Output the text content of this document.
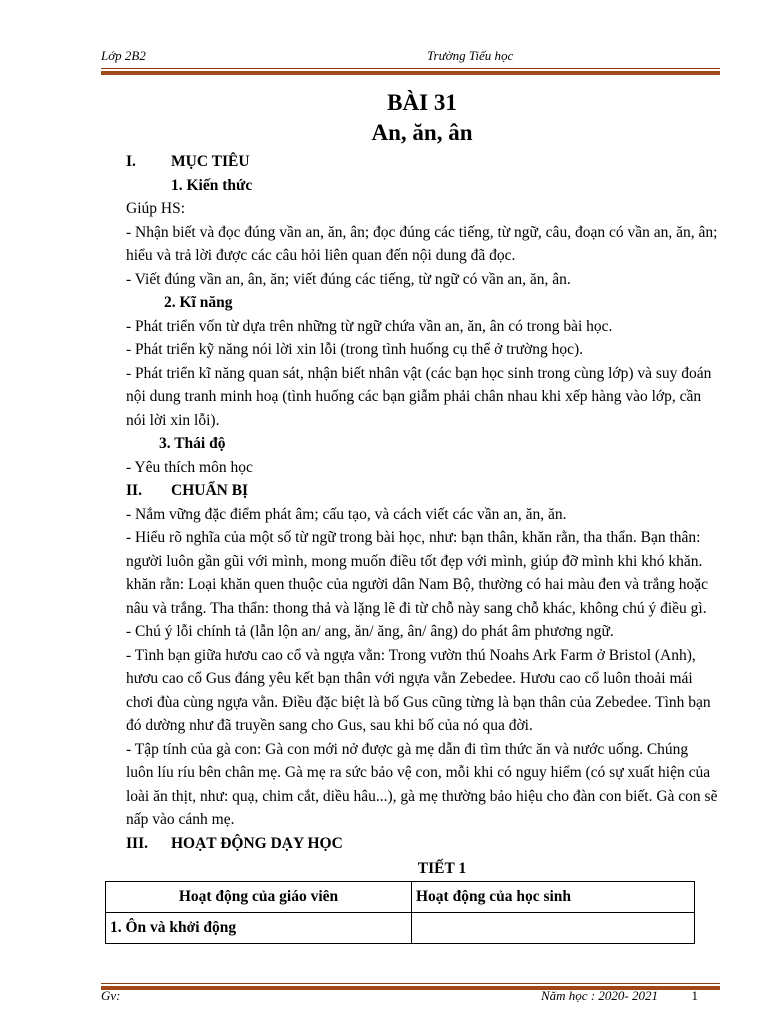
Lớp 2B2	Trường Tiểu học
BÀI 31
An, ăn, ân
I.	MỤC TIÊU
1. Kiến thức

Giúp HS:

- Nhận biết và đọc đúng vần an, ăn, ân; đọc đúng các tiếng, từ ngữ, câu, đoạn có vần an, ăn, ân; hiểu và trả lời được các câu hỏi liên quan đến nội dung đã đọc.

- Viết đúng vần an, ân, ăn; viết đúng các tiếng, từ ngữ có vần an, ăn, ân.

2. Kĩ năng

- Phát triển vốn từ dựa trên những từ ngữ chứa vần an, ăn, ân có trong bài học.

- Phát triển kỹ năng nói lời xin lỗi (trong tình huống cụ thể ở trường học).

- Phát triển kĩ năng quan sát, nhận biết nhân vật (các bạn học sinh trong cùng lớp) và suy đoán nội dung tranh minh hoạ (tình huống các bạn giẫm phải chân nhau khi xếp hàng vào lớp, cần nói lời xin lỗi).

3. Thái độ

- Yêu thích môn học

II.	CHUẨN BỊ

- Nắm vững đặc điểm phát âm; cấu tạo, và cách viết các vần an, ăn, ăn.

- Hiểu rõ nghĩa của một số từ ngữ trong bài học, như: bạn thân, khăn rằn, tha thẩn. Bạn thân: người luôn gần gũi với mình, mong muốn điều tốt đẹp với mình, giúp đỡ mình khi khó khăn. khăn rằn: Loại khăn quen thuộc của người dân Nam Bộ, thường có hai màu đen và trắng hoặc nâu và trắng. Tha thẩn: thong thả và lặng lẽ đi từ chỗ này sang chỗ khác, không chú ý điều gì.

- Chú ý lỗi chính tả (lẫn lộn an/ ang, ăn/ ăng, ân/ âng) do phát âm phương ngữ.

- Tình bạn giữa hươu cao cổ và ngựa vằn: Trong vườn thú Noahs Ark Farm ở Bristol (Anh), hươu cao cổ Gus đáng yêu kết bạn thân với ngựa vằn Zebedee. Hươu cao cổ luôn thoải mái chơi đùa cùng ngựa vằn. Điều đặc biệt là bố Gus cũng từng là bạn thân của Zebedee. Tình bạn đó dường như đã truyền sang cho Gus, sau khi bố của nó qua đời.

- Tập tính của gà con: Gà con mới nở được gà mẹ dẫn đi tìm thức ăn và nước uống. Chúng luôn líu ríu bên chân mẹ. Gà mẹ ra sức bảo vệ con, mỗi khi có nguy hiểm (có sự xuất hiện của loài ăn thịt, như: quạ, chim cắt, diều hâu...), gà mẹ thường bảo hiệu cho đàn con biết. Gà con sẽ nấp vào cánh mẹ.

III.	HOẠT ĐỘNG DẠY HỌC
TIẾT 1
Hoạt động của giáo viên	Hoạt động của học sinh
1. Ôn và khởi động	
Gv:	1
Năm học : 2020- 2021
